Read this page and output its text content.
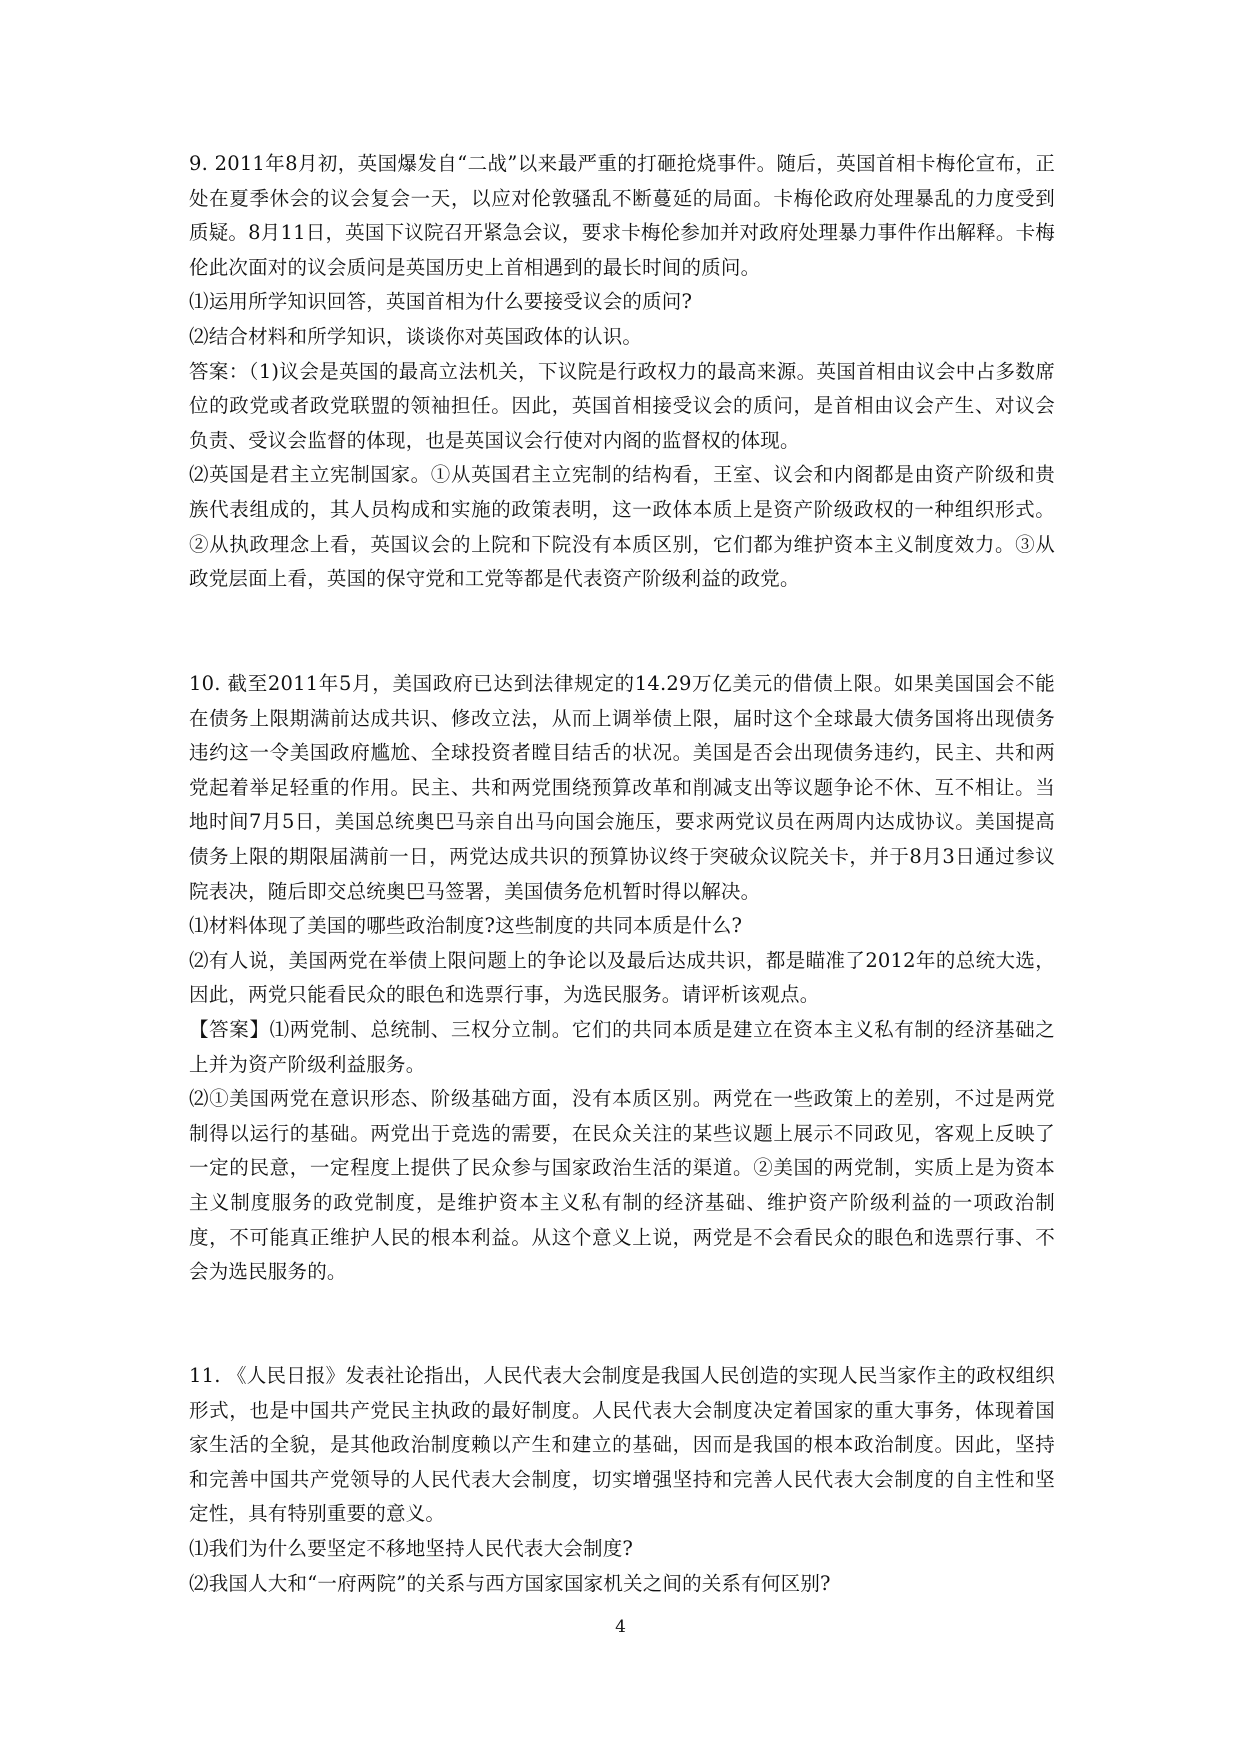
9. 2011年8月初，英国爆发自“二战”以来最严重的打砸抢烧事件。随后，英国首相卡梅伦宣布，正处在夏季休会的议会复会一天，以应对伦敦骚乱不断蔓延的局面。卡梅伦政府处理暴乱的力度受到质疑。8月11日，英国下议院召开紧急会议，要求卡梅伦参加并对政府处理暴力事件作出解释。卡梅伦此次面对的议会质问是英国历史上首相遇到的最长时间的质问。

⑴运用所学知识回答，英国首相为什么要接受议会的质问?

⑵结合材料和所学知识，谈谈你对英国政体的认识。

答案：（1)议会是英国的最高立法机关，下议院是行政权力的最高来源。英国首相由议会中占多数席位的政党或者政党联盟的领袖担任。因此，英国首相接受议会的质问，是首相由议会产生、对议会负责、受议会监督的体现，也是英国议会行使对内阁的监督权的体现。

⑵英国是君主立宪制国家。①从英国君主立宪制的结构看，王室、议会和内阁都是由资产阶级和贵族代表组成的，其人员构成和实施的政策表明，这一政体本质上是资产阶级政权的一种组织形式。②从执政理念上看，英国议会的上院和下院没有本质区别，它们都为维护资本主义制度效力。③从政党层面上看，英国的保守党和工党等都是代表资产阶级利益的政党。

10. 截至2011年5月，美国政府已达到法律规定的14.29万亿美元的借债上限。如果美国国会不能在债务上限期满前达成共识、修改立法，从而上调举债上限，届时这个全球最大债务国将出现债务违约这一令美国政府尴尬、全球投资者瞠目结舌的状况。美国是否会出现债务违约，民主、共和两党起着举足轻重的作用。民主、共和两党围绕预算改革和削减支出等议题争论不休、互不相让。当地时间7月5日，美国总统奥巴马亲自出马向国会施压，要求两党议员在两周内达成协议。美国提高债务上限的期限届满前一日，两党达成共识的预算协议终于突破众议院关卡，并于8月3日通过参议院表决，随后即交总统奥巴马签署，美国债务危机暂时得以解决。

⑴材料体现了美国的哪些政治制度?这些制度的共同本质是什么?

⑵有人说，美国两党在举债上限问题上的争论以及最后达成共识，都是瞄准了2012年的总统大选，因此，两党只能看民众的眼色和选票行事，为选民服务。请评析该观点。

【答案】⑴两党制、总统制、三权分立制。它们的共同本质是建立在资本主义私有制的经济基础之上并为资产阶级利益服务。

⑵①美国两党在意识形态、阶级基础方面，没有本质区别。两党在一些政策上的差别，不过是两党制得以运行的基础。两党出于竞选的需要，在民众关注的某些议题上展示不同政见，客观上反映了一定的民意，一定程度上提供了民众参与国家政治生活的渠道。②美国的两党制，实质上是为资本主义制度服务的政党制度，是维护资本主义私有制的经济基础、维护资产阶级利益的一项政治制度，不可能真正维护人民的根本利益。从这个意义上说，两党是不会看民众的眼色和选票行事、不会为选民服务的。

11. 《人民日报》发表社论指出，人民代表大会制度是我国人民创造的实现人民当家作主的政权组织形式，也是中国共产党民主执政的最好制度。人民代表大会制度决定着国家的重大事务，体现着国家生活的全貌，是其他政治制度赖以产生和建立的基础，因而是我国的根本政治制度。因此，坚持和完善中国共产党领导的人民代表大会制度，切实增强坚持和完善人民代表大会制度的自主性和坚定性，具有特别重要的意义。

⑴我们为什么要坚定不移地坚持人民代表大会制度?

⑵我国人大和“一府两院”的关系与西方国家国家机关之间的关系有何区别?

4
